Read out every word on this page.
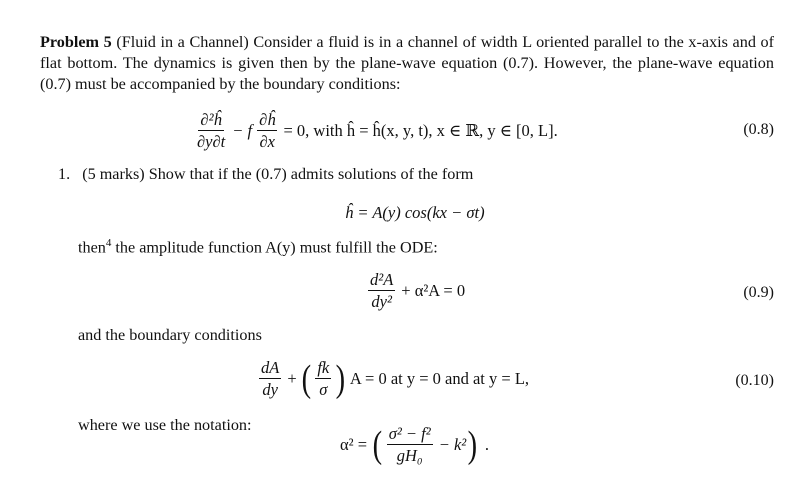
Problem 5 (Fluid in a Channel) Consider a fluid is in a channel of width L oriented parallel to the x-axis and of flat bottom. The dynamics is given then by the plane-wave equation (0.7). However, the plane-wave equation (0.7) must be accompanied by the boundary conditions:
$\frac{\text{∂²ĥ}}{\partial y\partial t} - f \frac{\partial ĥ}{\partial x} = 0$, with ĥ = ĥ(x, y, t), x ∈ ℝ, y ∈ [0, L].	(0.8)
1. (5 marks) Show that if the (0.7) admits solutions of the form
ĥ = A(y) cos(kx − σt)
then$^4$ the amplitude function A(y) must fulfill the ODE:
$\frac{\text{d²A}}{\text{dy²}} + \alpha^2A = 0$	(0.9)
and the boundary conditions
$\frac{dA}{dy}$ + ( $\frac{fk}{\sigma}$ ) A = 0 at y = 0 and at y = L,	(0.10)
where we use the notation:
α² = ( $\frac{\text{σ² − f²}}{\text{gH₀}} - k^2$ ) .
